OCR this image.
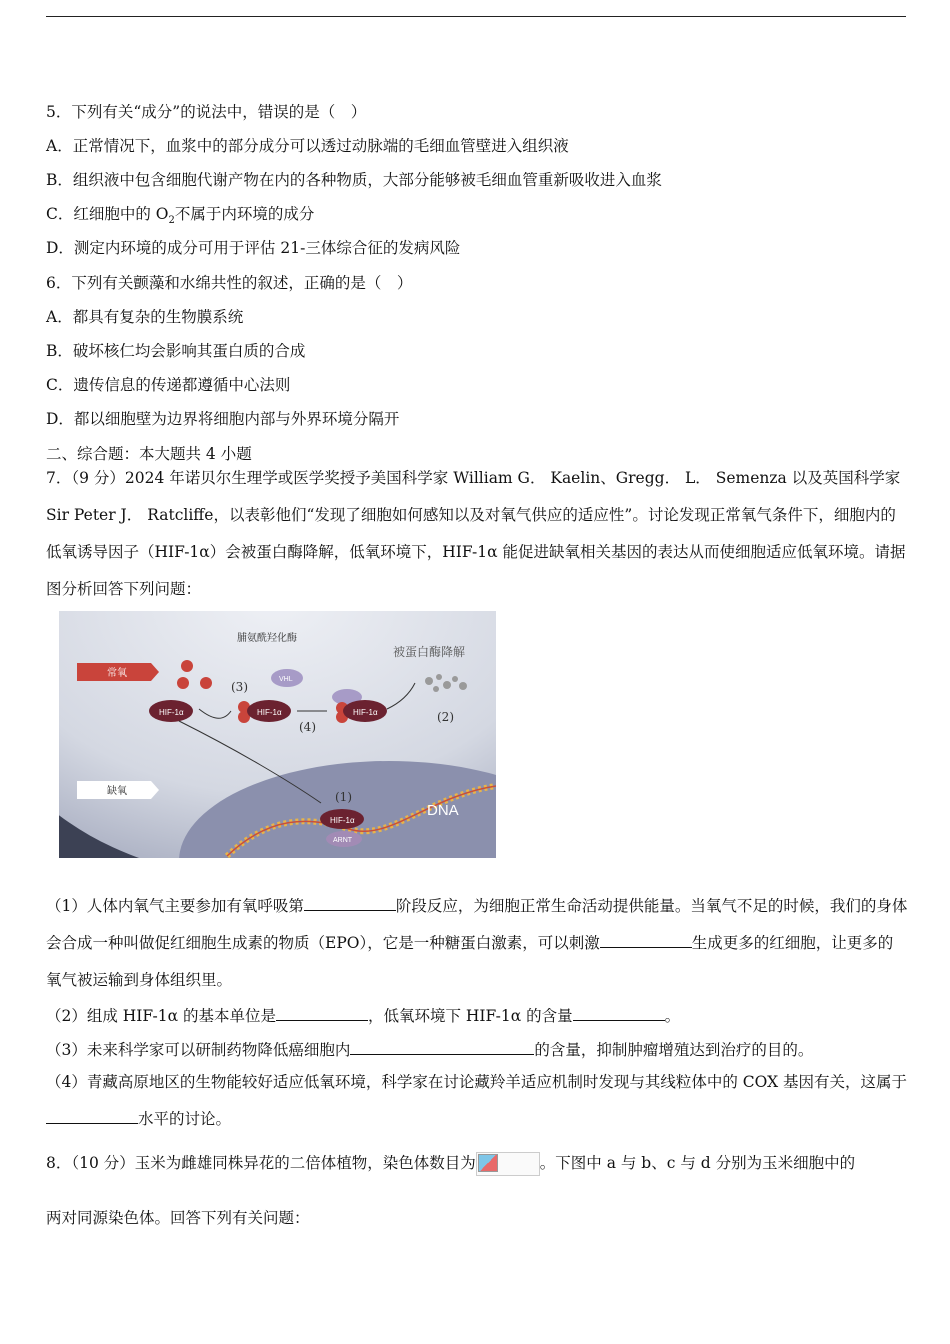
5．下列有关“成分”的说法中，错误的是（　）
A．正常情况下，血浆中的部分成分可以透过动脉端的毛细血管壁进入组织液
B．组织液中包含细胞代谢产物在内的各种物质，大部分能够被毛细血管重新吸收进入血浆
C．红细胞中的 $O_2$不属于内环境的成分
D．测定内环境的成分可用于评估 21-三体综合征的发病风险
6．下列有关颤藻和水绵共性的叙述，正确的是（　）
A．都具有复杂的生物膜系统
B．破坏核仁均会影响其蛋白质的合成
C．遗传信息的传递都遵循中心法则
D．都以细胞壁为边界将细胞内部与外界环境分隔开
二、综合题：本大题共 4 小题
7．（9 分）2024 年诺贝尔生理学或医学奖授予美国科学家 William G． Kaelin、Gregg． L． Semenza 以及英国科学家 Sir Peter J． Ratcliffe，以表彰他们“发现了细胞如何感知以及对氧气供应的适应性”。讨论发现正常氧气条件下，细胞内的低氧诱导因子（HIF-1α）会被蛋白酶降解，低氧环境下，HIF-1α 能促进缺氧相关基因的表达从而使细胞适应低氧环境。请据图分析回答下列问题：
DNA
常氧
缺氧
脯氨酰羟化酶
被蛋白酶降解
HIF-1α
(3)
HIF-1α
VHL
(4)
HIF-1α	(2)
(1)
HIF-1α
ARNT
（1）人体内氧气主要参加有氧呼吸第	阶段反应，为细胞正常生命活动提供能量。当氧气不足的时候，我们的身体会合成一种叫做促红细胞生成素的物质（EPO），它是一种糖蛋白激素，可以刺激	生成更多的红细胞，让更多的氧气被运输到身体组织里。
（2）组成 HIF-1α 的基本单位是	，低氧环境下 HIF-1α 的含量	。
（3）未来科学家可以研制药物降低癌细胞内	的含量，抑制肿瘤增殖达到治疗的目的。
（4）青藏高原地区的生物能较好适应低氧环境，科学家在讨论藏羚羊适应机制时发现与其线粒体中的 COX 基因有关，这属于水平的讨论。
8．（10 分）玉米为雌雄同株异花的二倍体植物，染色体数目为	。下图中 a 与 b、c 与 d 分别为玉米细胞中的
两对同源染色体。回答下列有关问题：
